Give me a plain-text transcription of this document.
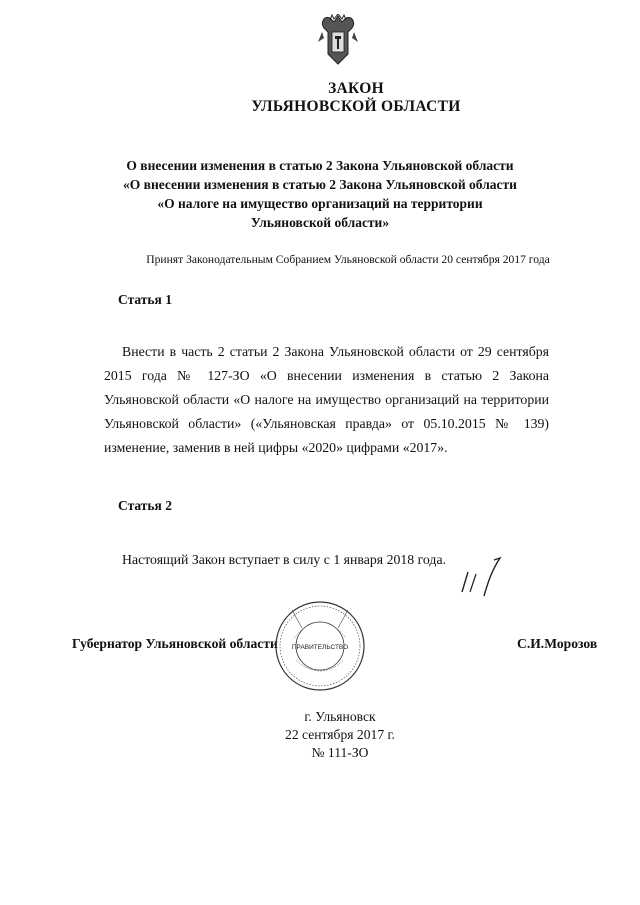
ЗАКОН
УЛЬЯНОВСКОЙ ОБЛАСТИ
О внесении изменения в статью 2 Закона Ульяновской области
«О внесении изменения в статью 2 Закона Ульяновской области
«О налоге на имущество организаций на территории
Ульяновской области»
Принят Законодательным Собранием Ульяновской области 20 сентября 2017 года
Статья 1
Внести в часть 2 статьи 2 Закона Ульяновской области от 29 сентября 2015 года № 127-ЗО «О внесении изменения в статью 2 Закона Ульяновской области «О налоге на имущество организаций на территории Ульяновской области» («Ульяновская правда» от 05.10.2015 № 139) изменение, заменив в ней цифры «2020» цифрами «2017».
Статья 2
Настоящий Закон вступает в силу с 1 января 2018 года.
Губернатор Ульяновской области	С.И.Морозов
ПРАВИТЕЛЬСТВО
г. Ульяновск
22 сентября 2017 г.
№ 111-ЗО
